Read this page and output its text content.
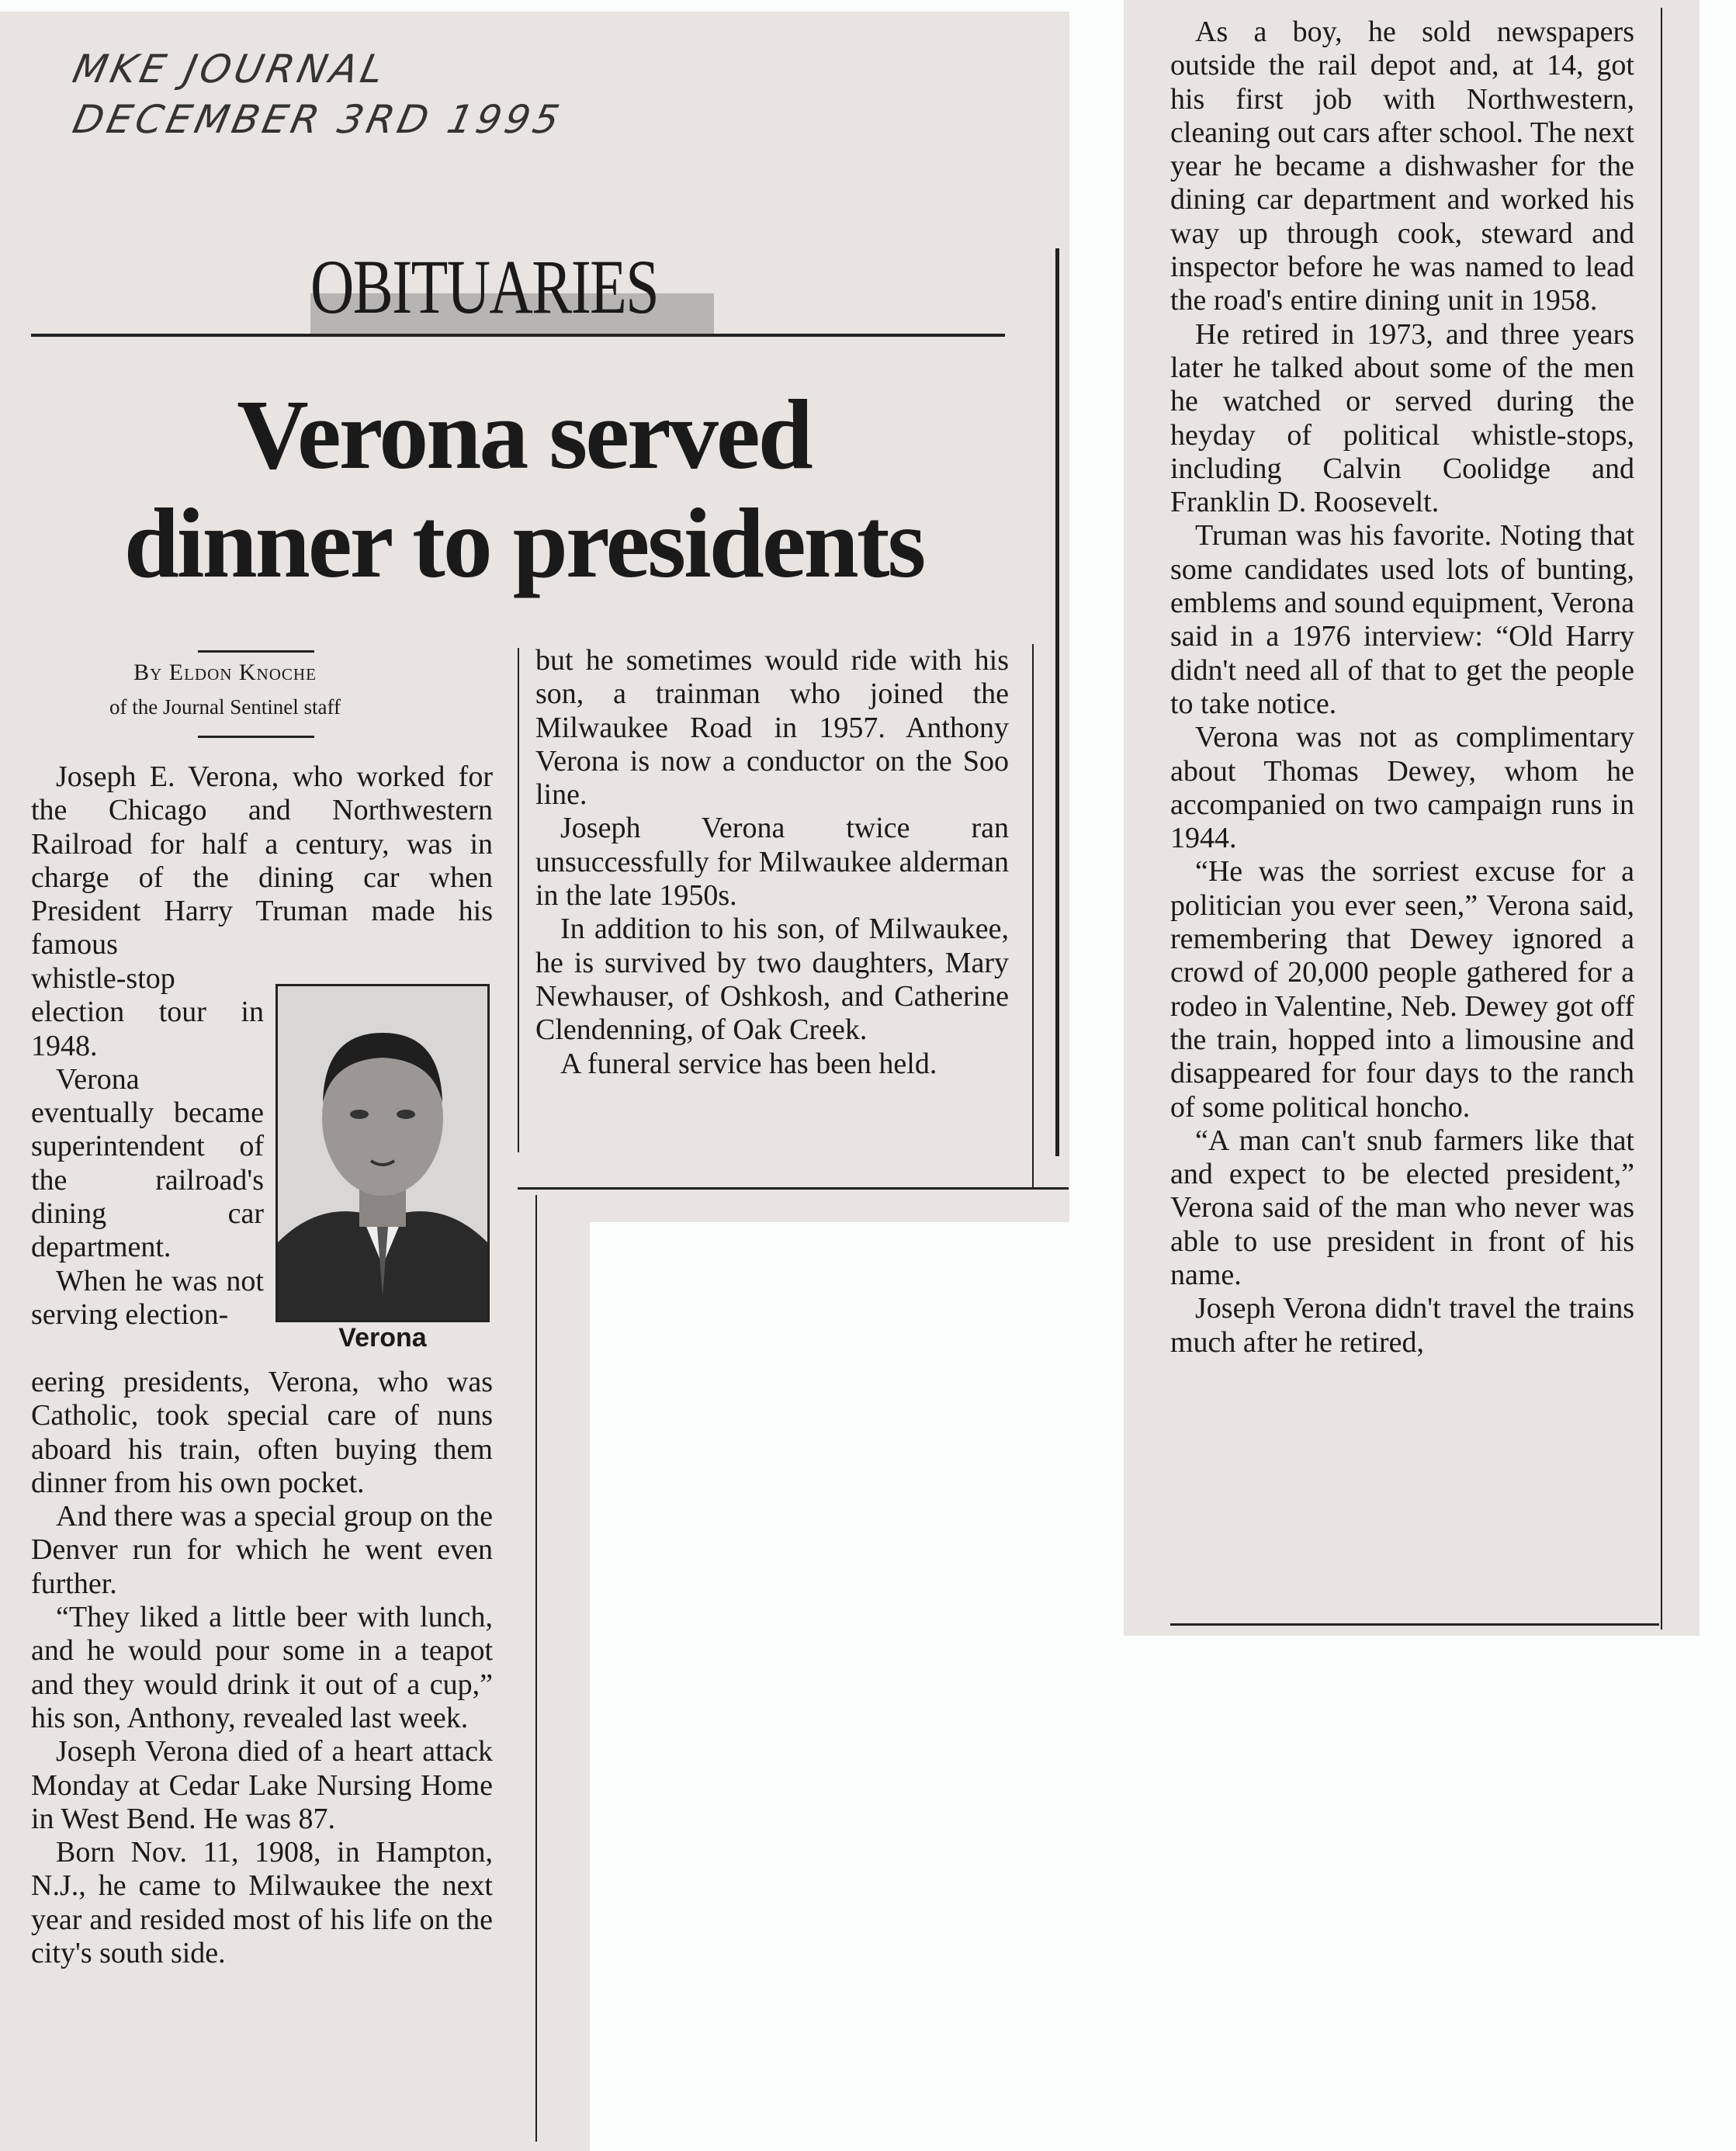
MKE JOURNAL
DECEMBER 3RD 1995
OBITUARIES
Verona served
dinner to presidents
By Eldon Knoche
of the Journal Sentinel staff

Joseph E. Verona, who worked for the Chicago and Northwestern Railroad for half a century, was in charge of the dining car when President Harry Truman made his famous

whistle-stop election tour in 1948.

Verona eventually became superintendent of the railroad's dining car department.

When he was not serving election-

eering presidents, Verona, who was Catholic, took special care of nuns aboard his train, often buying them dinner from his own pocket.

And there was a special group on the Denver run for which he went even further.

“They liked a little beer with lunch, and he would pour some in a teapot and they would drink it out of a cup,” his son, Anthony, revealed last week.

Joseph Verona died of a heart attack Monday at Cedar Lake Nursing Home in West Bend. He was 87.

Born Nov. 11, 1908, in Hampton, N.J., he came to Milwaukee the next year and resided most of his life on the city's south side.

Verona

but he sometimes would ride with his son, a trainman who joined the Milwaukee Road in 1957. Anthony Verona is now a conductor on the Soo line.

Joseph Verona twice ran unsuccessfully for Milwaukee alderman in the late 1950s.

In addition to his son, of Milwaukee, he is survived by two daughters, Mary Newhauser, of Oshkosh, and Catherine Clendenning, of Oak Creek.

A funeral service has been held.

As a boy, he sold newspapers outside the rail depot and, at 14, got his first job with Northwestern, cleaning out cars after school. The next year he became a dishwasher for the dining car department and worked his way up through cook, steward and inspector before he was named to lead the road's entire dining unit in 1958.

He retired in 1973, and three years later he talked about some of the men he watched or served during the heyday of political whistle-stops, including Calvin Coolidge and Franklin D. Roosevelt.

Truman was his favorite. Noting that some candidates used lots of bunting, emblems and sound equipment, Verona said in a 1976 interview: “Old Harry didn't need all of that to get the people to take notice.

Verona was not as complimentary about Thomas Dewey, whom he accompanied on two campaign runs in 1944.

“He was the sorriest excuse for a politician you ever seen,” Verona said, remembering that Dewey ignored a crowd of 20,000 people gathered for a rodeo in Valentine, Neb. Dewey got off the train, hopped into a limousine and disappeared for four days to the ranch of some political honcho.

“A man can't snub farmers like that and expect to be elected president,” Verona said of the man who never was able to use president in front of his name.

Joseph Verona didn't travel the trains much after he retired,
